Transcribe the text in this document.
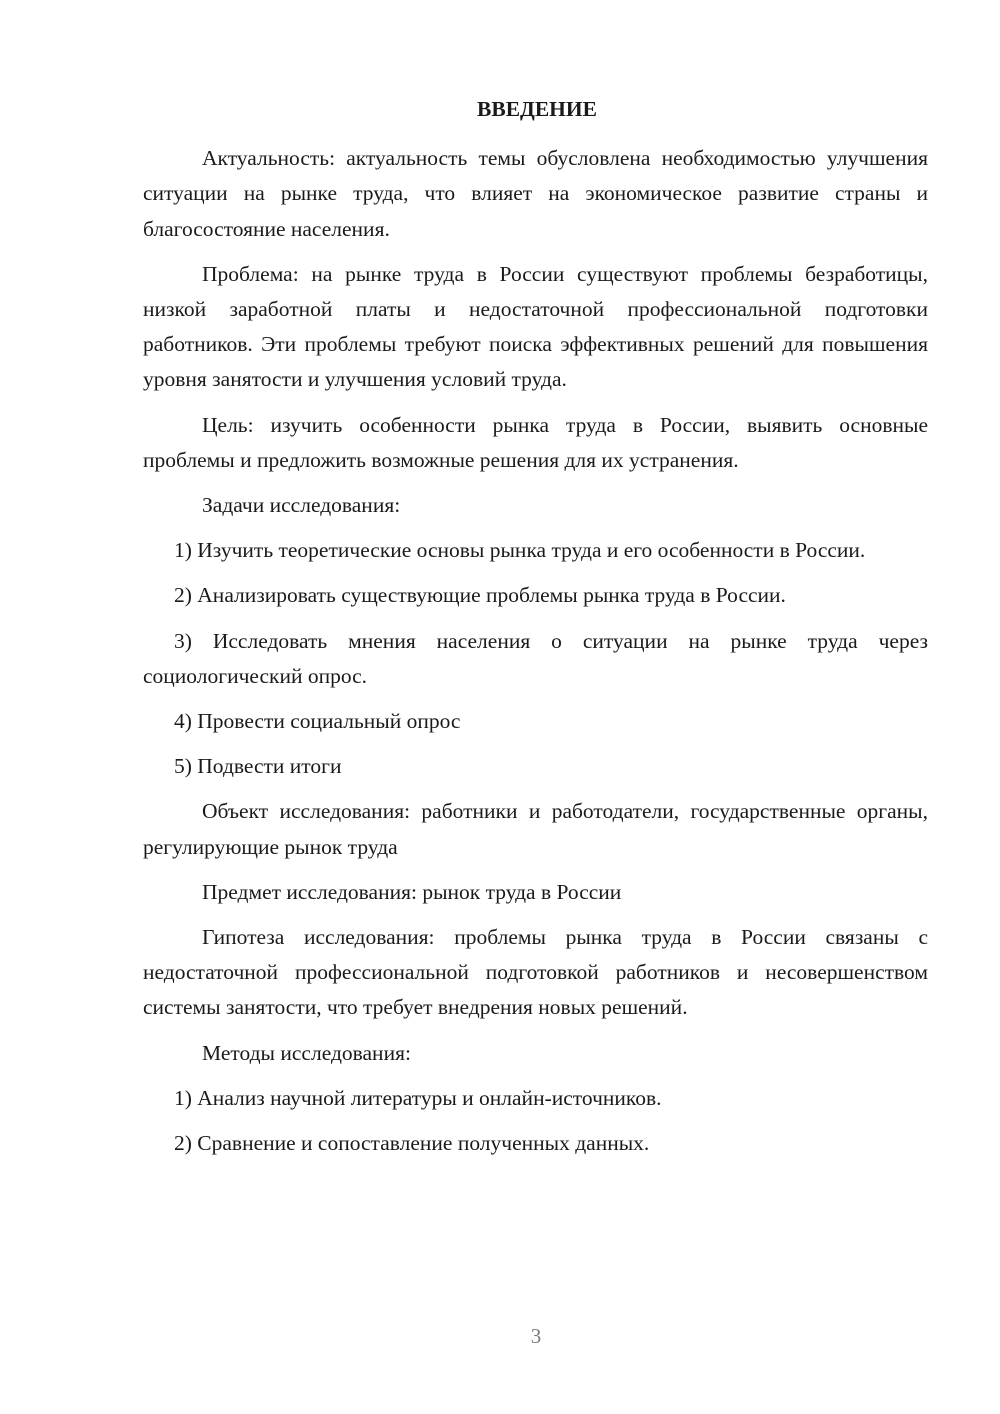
ВВЕДЕНИЕ

Актуальность: актуальность темы обусловлена необходимостью улучшения ситуации на рынке труда, что влияет на экономическое развитие страны и благосостояние населения.

Проблема: на рынке труда в России существуют проблемы безработицы, низкой заработной платы и недостаточной профессиональной подготовки работников. Эти проблемы требуют поиска эффективных решений для повышения уровня занятости и улучшения условий труда.

Цель: изучить особенности рынка труда в России, выявить основные проблемы и предложить возможные решения для их устранения.

Задачи исследования:

1) Изучить теоретические основы рынка труда и его особенности в России.

2) Анализировать существующие проблемы рынка труда в России.

3) Исследовать мнения населения о ситуации на рынке труда через социологический опрос.

4) Провести социальный опрос

5) Подвести итоги

Объект исследования: работники и работодатели, государственные органы, регулирующие рынок труда

Предмет исследования: рынок труда в России

Гипотеза исследования: проблемы рынка труда в России связаны с недостаточной профессиональной подготовкой работников и несовершенством системы занятости, что требует внедрения новых решений.

Методы исследования:

1) Анализ научной литературы и онлайн-источников.

2) Сравнение и сопоставление полученных данных.

3
